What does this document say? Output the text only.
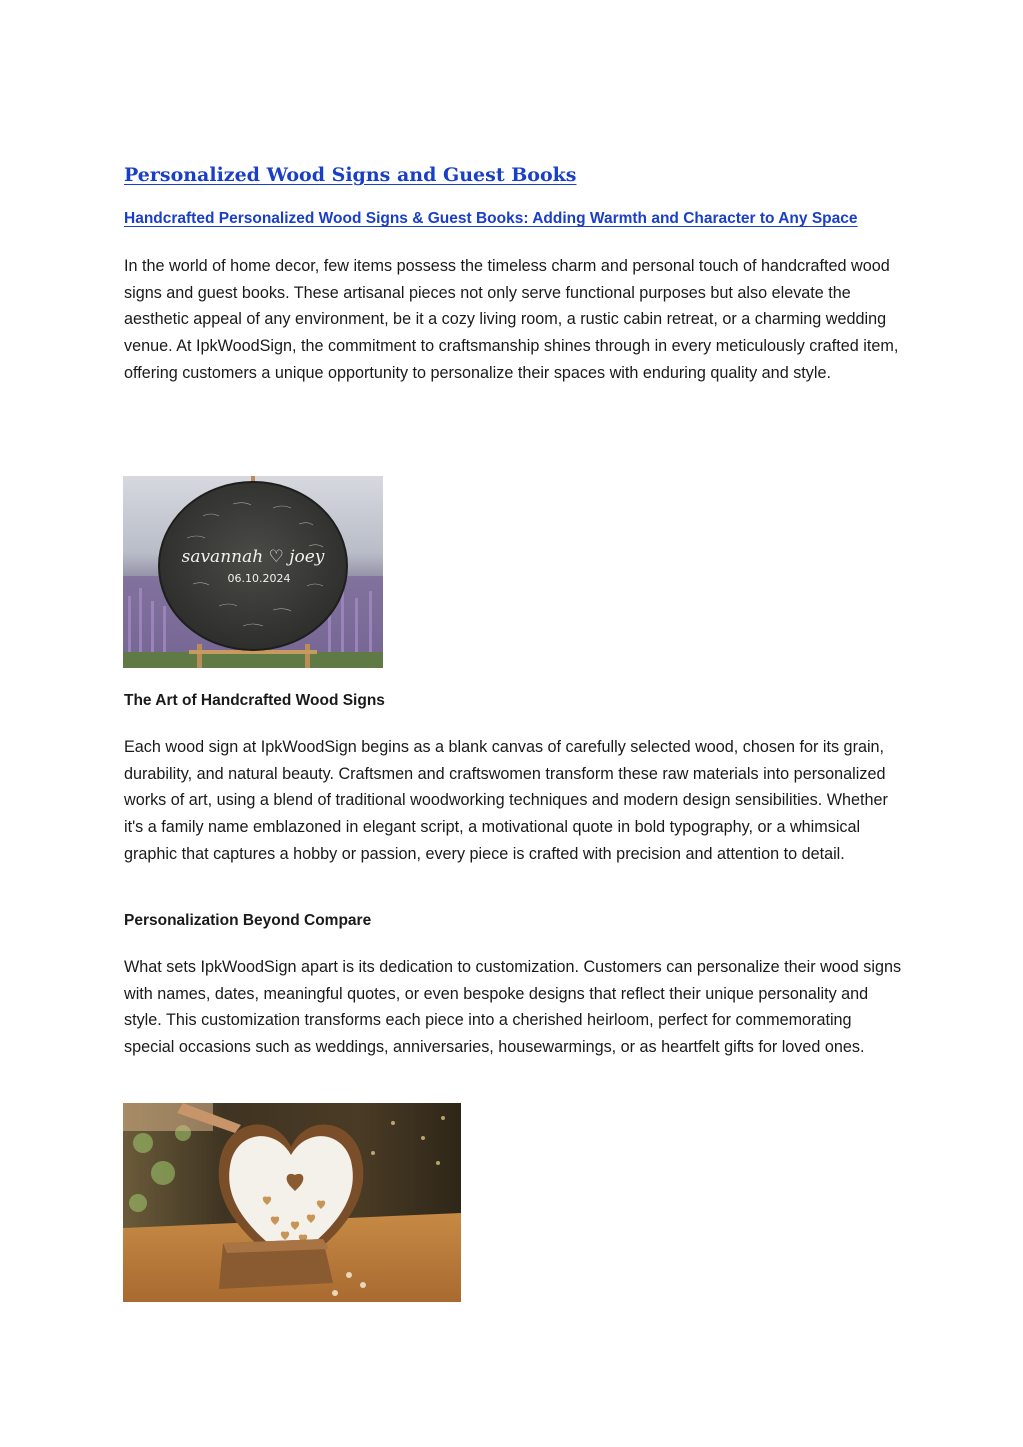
Personalized Wood Signs and Guest Books
Handcrafted Personalized Wood Signs & Guest Books: Adding Warmth and Character to Any Space

In the world of home decor, few items possess the timeless charm and personal touch of handcrafted wood signs and guest books. These artisanal pieces not only serve functional purposes but also elevate the aesthetic appeal of any environment, be it a cozy living room, a rustic cabin retreat, or a charming wedding venue. At IpkWoodSign, the commitment to craftsmanship shines through in every meticulously crafted item, offering customers a unique opportunity to personalize their spaces with enduring quality and style.

savannah ♡ joey
06.10.2024
The Art of Handcrafted Wood Signs

Each wood sign at IpkWoodSign begins as a blank canvas of carefully selected wood, chosen for its grain, durability, and natural beauty. Craftsmen and craftswomen transform these raw materials into personalized works of art, using a blend of traditional woodworking techniques and modern design sensibilities. Whether it's a family name emblazoned in elegant script, a motivational quote in bold typography, or a whimsical graphic that captures a hobby or passion, every piece is crafted with precision and attention to detail.

Personalization Beyond Compare

What sets IpkWoodSign apart is its dedication to customization. Customers can personalize their wood signs with names, dates, meaningful quotes, or even bespoke designs that reflect their unique personality and style. This customization transforms each piece into a cherished heirloom, perfect for commemorating special occasions such as weddings, anniversaries, housewarmings, or as heartfelt gifts for loved ones.
